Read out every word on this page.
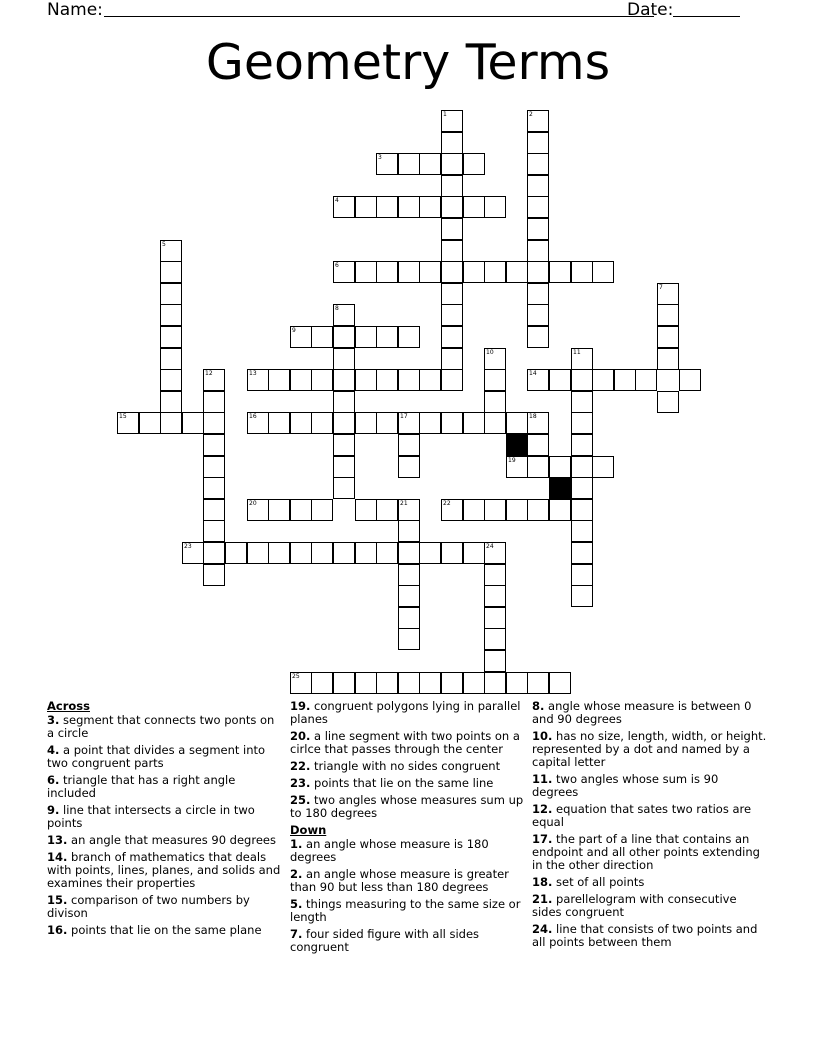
Name:	Date:
Geometry Terms
1	2
3
4
5
6
7
8
9
10	11
12	13	14
15	16	17	18
19
20	21	22
23	24
25
Across
3. segment that connects two ponts on a circle
4. a point that divides a segment into two congruent parts
6. triangle that has a right angle included
9. line that intersects a circle in two points
13. an angle that measures 90 degrees
14. branch of mathematics that deals with points, lines, planes, and solids and examines their properties
15. comparison of two numbers by divison
16. points that lie on the same plane
19. congruent polygons lying in parallel planes
20. a line segment with two points on a cirlce that passes through the center
22. triangle with no sides congruent
23. points that lie on the same line
25. two angles whose measures sum up to 180 degrees
Down
1. an angle whose measure is 180 degrees
2. an angle whose measure is greater than 90 but less than 180 degrees
5. things measuring to the same size or length
7. four sided figure with all sides congruent
8. angle whose measure is between 0 and 90 degrees
10. has no size, length, width, or height. represented by a dot and named by a capital letter
11. two angles whose sum is 90 degrees
12. equation that sates two ratios are equal
17. the part of a line that contains an endpoint and all other points extending in the other direction
18. set of all points
21. parellelogram with consecutive sides congruent
24. line that consists of two points and all points between them
